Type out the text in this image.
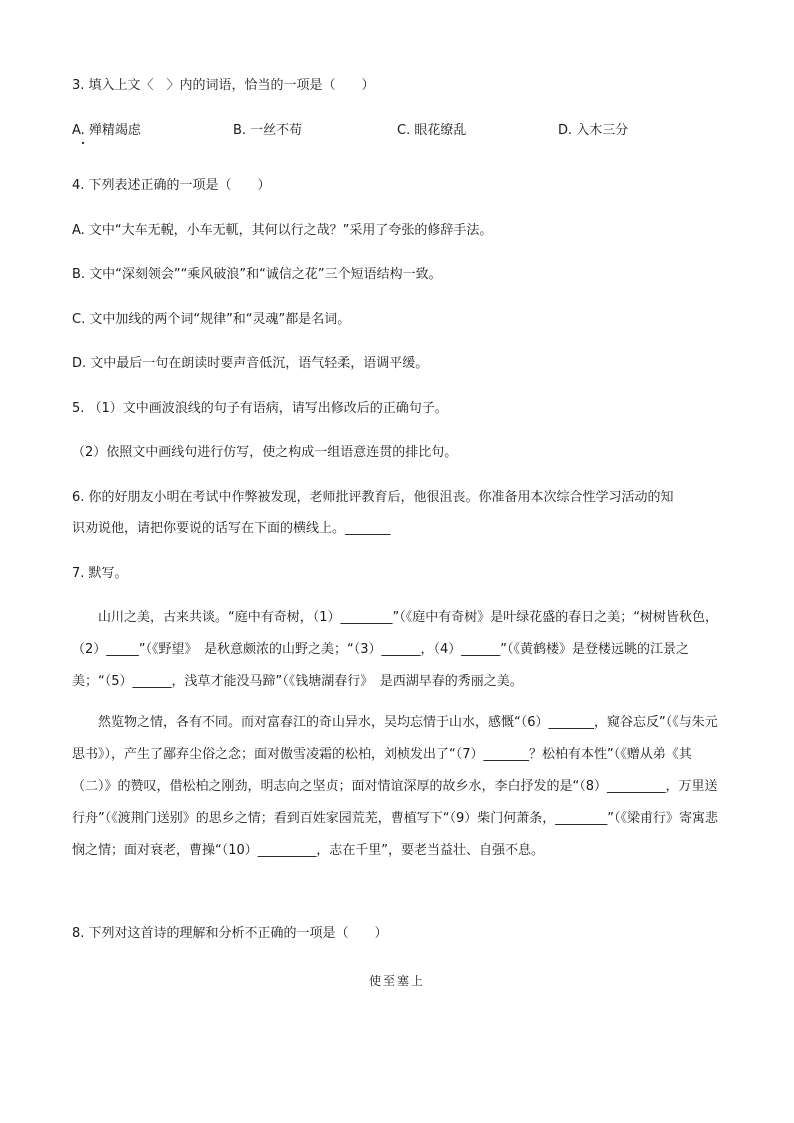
3. 填入上文〈　〉内的词语，恰当的一项是（　　）
A. 殚精竭虑	B. 一丝不苟	C. 眼花缭乱	D. 入木三分
4. 下列表述正确的一项是（　　）
A. 文中“大车无輗，小车无軏，其何以行之哉？”采用了夸张的修辞手法。
B. 文中“深刻领会”“乘风破浪”和“诚信之花”三个短语结构一致。
C. 文中加线的两个词“规律”和“灵魂”都是名词。
D. 文中最后一句在朗读时要声音低沉，语气轻柔，语调平缓。
5. （1）文中画波浪线的句子有语病，请写出修改后的正确句子。
（2）依照文中画线句进行仿写，使之构成一组语意连贯的排比句。
6. 你的好朋友小明在考试中作弊被发现，老师批评教育后，他很沮丧。你准备用本次综合性学习活动的知
识劝说他，请把你要说的话写在下面的横线上。_______
7. 默写。

山川之美，古来共谈。“庭中有奇树，（1）________”（《庭中有奇树》是叶绿花盛的春日之美；“树树皆秋色，（2）_____”（《野望》　是秋意颇浓的山野之美；“（3）______，（4）______”（《黄鹤楼》是登楼远眺的江景之美；“（5）______，浅草才能没马蹄”（《钱塘湖春行》　是西湖早春的秀丽之美。

然览物之情，各有不同。而对富春江的奇山异水，吴均忘情于山水，感慨“（6）_______，窥谷忘反”（《与朱元思书》），产生了鄙弃尘俗之念；面对傲雪凌霜的松柏，刘桢发出了“（7）_______？松柏有本性”（《赠从弟《其（二）》的赞叹，借松柏之刚劲，明志向之坚贞；面对情谊深厚的故乡水，李白抒发的是“（8）_________，万里送行舟”（《渡荆门送别》的思乡之情；看到百姓家园荒芜，曹植写下“（9）柴门何萧条，________”（《梁甫行》寄寓悲悯之情；面对衰老，曹操“（10）_________，志在千里”，要老当益壮、自强不息。

8. 下列对这首诗的理解和分析不正确的一项是（　　）
使至塞上
